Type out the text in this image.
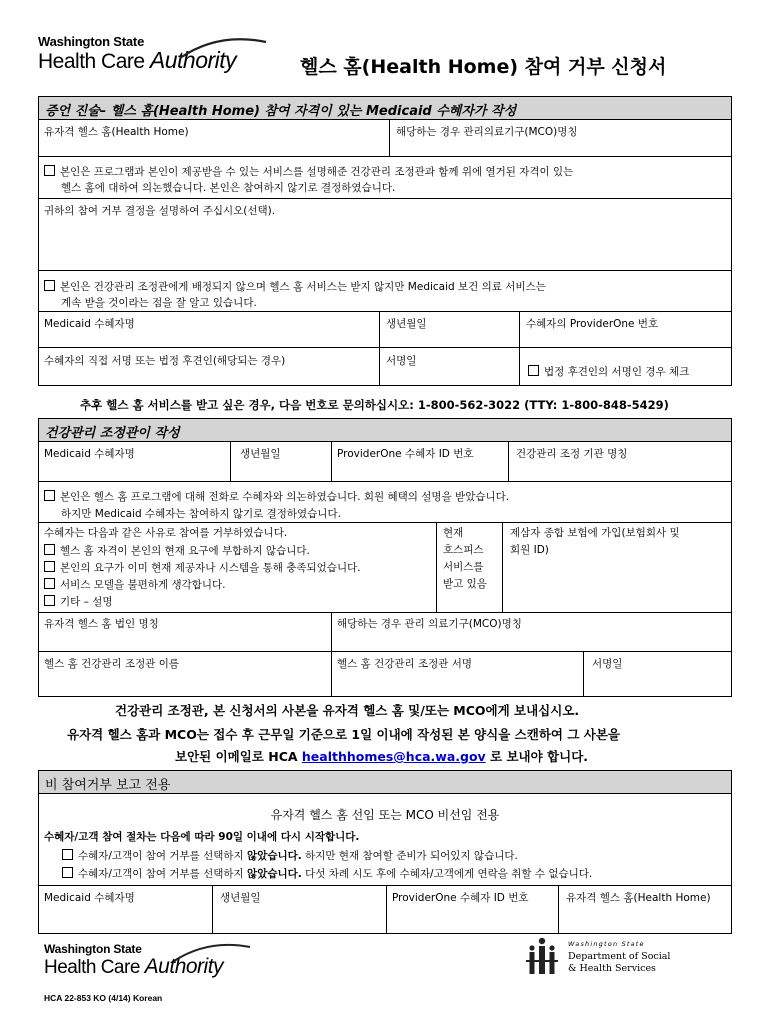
Washington State
Health Care Authority	헬스 홈(Health Home) 참여 거부 신청서
증언 진술– 헬스 홈(Health Home) 참여 자격이 있는 Medicaid 수혜자가 작성
유자격 헬스 홈(Health Home)	해당하는 경우 관리의료기구(MCO)명칭
본인은 프로그램과 본인이 제공받을 수 있는 서비스를 설명해준 건강관리 조정관과 함께 위에 열거된 자격이 있는
헬스 홈에 대하여 의논했습니다. 본인은 참여하지 않기로 결정하였습니다.
귀하의 참여 거부 결정을 설명하여 주십시오(선택).
본인은 건강관리 조정관에게 배정되지 않으며 헬스 홈 서비스는 받지 않지만 Medicaid 보건 의료 서비스는
계속 받을 것이라는 점을 잘 알고 있습니다.
Medicaid 수혜자명	생년월일	수혜자의 ProviderOne 번호
수혜자의 직접 서명 또는 법정 후견인(해당되는 경우)	서명일
법정 후견인의 서명인 경우 체크
추후 헬스 홈 서비스를 받고 싶은 경우, 다음 번호로 문의하십시오: 1-800-562-3022 (TTY: 1-800-848-5429)
건강관리 조정관이 작성
Medicaid 수혜자명	생년월일	ProviderOne 수혜자 ID 번호	건강관리 조정 기관 명칭
본인은 헬스 홈 프로그램에 대해 전화로 수혜자와 의논하였습니다. 회원 혜택의 설명을 받았습니다.
하지만 Medicaid 수혜자는 참여하지 않기로 결정하였습니다.
수혜자는 다음과 같은 사유로 참여를 거부하였습니다.
헬스 홈 자격이 본인의 현재 요구에 부합하지 않습니다.
본인의 요구가 이미 현재 제공자나 시스템을 통해 충족되었습니다.
서비스 모델을 불편하게 생각합니다.
기타 – 설명
현재
호스피스
서비스를
받고 있음
제삼자 종합 보험에 가입(보험회사 및
회원 ID)
유자격 헬스 홈 법인 명칭	해당하는 경우 관리 의료기구(MCO)명칭
헬스 홈 건강관리 조정관 이름	헬스 홈 건강관리 조정관 서명	서명일
건강관리 조정관, 본 신청서의 사본을 유자격 헬스 홈 및/또는 MCO에게 보내십시오.
유자격 헬스 홈과 MCO는 접수 후 근무일 기준으로 1일 이내에 작성된 본 양식을 스캔하여 그 사본을
보안된 이메일로 HCA healthhomes@hca.wa.gov 로 보내야 합니다.
비 참여거부 보고 전용
유자격 헬스 홈 선임 또는 MCO 비선임 전용
수혜자/고객 참여 절차는 다음에 따라 90일 이내에 다시 시작합니다.
수혜자/고객이 참여 거부를 선택하지 않았습니다. 하지만 현재 참여할 준비가 되어있지 않습니다.
수혜자/고객이 참여 거부를 선택하지 않았습니다. 다섯 차례 시도 후에 수혜자/고객에게 연락을 취할 수 없습니다.
Medicaid 수혜자명	생년월일	ProviderOne 수혜자 ID 번호	유자격 헬스 홈(Health Home)
Washington State
Health Care Authority
Washington State
Department of Social
& Health Services
HCA 22-853 KO (4/14) Korean
